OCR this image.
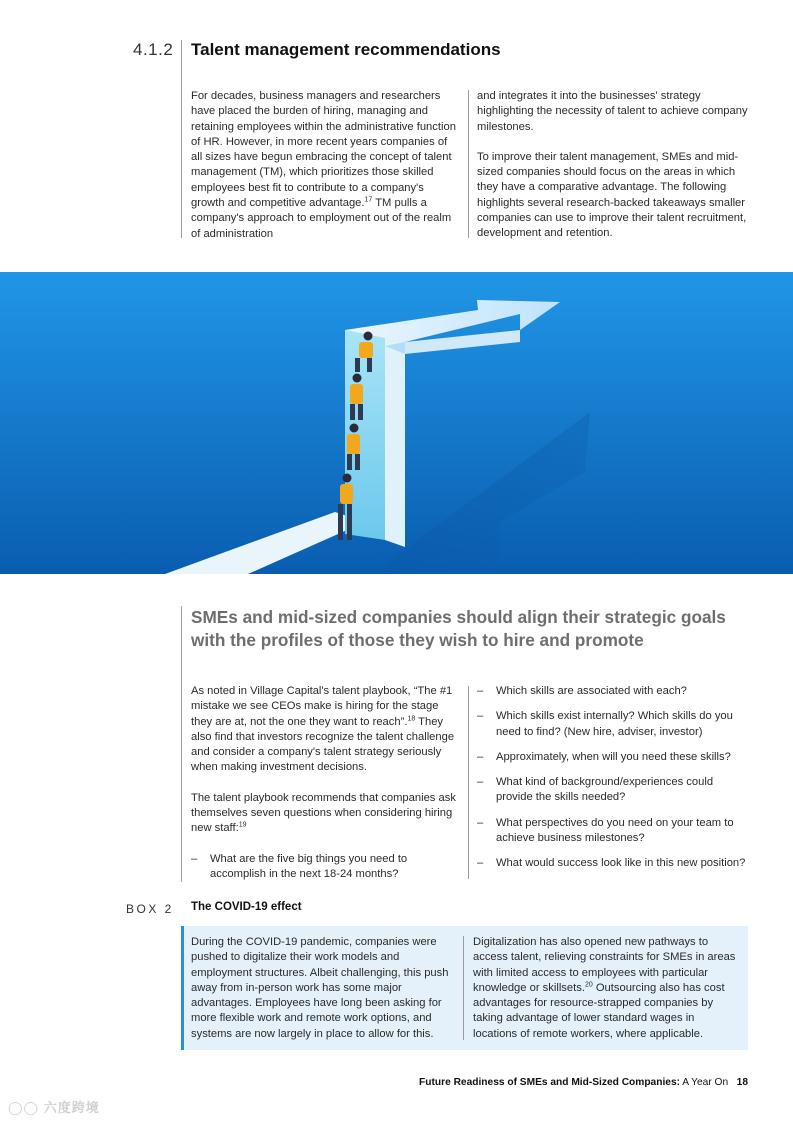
4.1.2 Talent management recommendations

For decades, business managers and researchers have placed the burden of hiring, managing and retaining employees within the administrative function of HR. However, in more recent years companies of all sizes have begun embracing the concept of talent management (TM), which prioritizes those skilled employees best fit to contribute to a company's growth and competitive advantage.$^{17}$ TM pulls a company's approach to employment out of the realm of administration

and integrates it into the businesses' strategy highlighting the necessity of talent to achieve company milestones.

To improve their talent management, SMEs and mid-sized companies should focus on the areas in which they have a comparative advantage. The following highlights several research-backed takeaways smaller companies can use to improve their talent recruitment, development and retention.

SMEs and mid-sized companies should align their strategic goals with the profiles of those they wish to hire and promote

As noted in Village Capital's talent playbook, “The #1 mistake we see CEOs make is hiring for the stage they are at, not the one they want to reach”.$^{18}$ They also find that investors recognize the talent challenge and consider a company's talent strategy seriously when making investment decisions.

The talent playbook recommends that companies ask themselves seven questions when considering hiring new staff:$^{19}$

– What are the five big things you need to accomplish in the next 18-24 months?
– Which skills are associated with each?
– Which skills exist internally? Which skills do you need to find? (New hire, adviser, investor)
– Approximately, when will you need these skills?
– What kind of background/experiences could provide the skills needed?
– What perspectives do you need on your team to achieve business milestones?
– What would success look like in this new position?
BOX 2 The COVID-19 effect

During the COVID-19 pandemic, companies were pushed to digitalize their work models and employment structures. Albeit challenging, this push away from in-person work has some major advantages. Employees have long been asking for more flexible work and remote work options, and systems are now largely in place to allow for this.

Digitalization has also opened new pathways to access talent, relieving constraints for SMEs in areas with limited access to employees with particular knowledge or skillsets.$^{20}$ Outsourcing also has cost advantages for resource-strapped companies by taking advantage of lower standard wages in locations of remote workers, where applicable.

Future Readiness of SMEs and Mid-Sized Companies: A Year On 18
◯◯ 六度跨境
